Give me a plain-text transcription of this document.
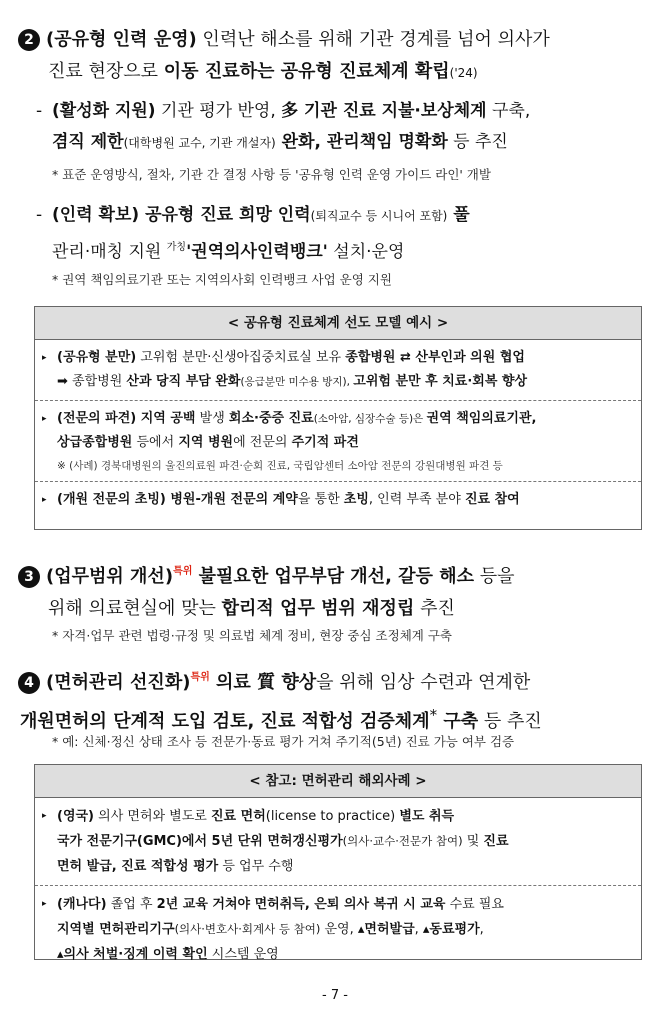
2 (공유형 인력 운영) 인력난 해소를 위해 기관 경계를 넘어 의사가
진료 현장으로 이동 진료하는 공유형 진료체계 확립('24)
- (활성화 지원) 기관 평가 반영, 多 기관 진료 지불·보상체계 구축,
겸직 제한(대학병원 교수, 기관 개설자) 완화, 관리책임 명확화 등 추진
* 표준 운영방식, 절차, 기관 간 결정 사항 등 '공유형 인력 운영 가이드 라인' 개발
- (인력 확보) 공유형 진료 희망 인력(퇴직교수 등 시니어 포함) 풀
관리·매칭 지원 $^{가칭}$'권역의사인력뱅크' 설치·운영
* 권역 책임의료기관 또는 지역의사회 인력뱅크 사업 운영 지원
< 공유형 진료체계 선도 모델 예시 >
▸ (공유형 분만) 고위험 분만·신생아집중치료실 보유 종합병원 ⇄ 산부인과 의원 협업
➡ 종합병원 산과 당직 부담 완화(응급분만 미수용 방지), 고위험 분만 후 치료·회복 향상
▸ (전문의 파견) 지역 공백 발생 회소·중증 진료(소아암, 심장수술 등)은 권역 책임의료기관,
상급종합병원 등에서 지역 병원에 전문의 주기적 파견
※ (사례) 경북대병원의 울진의료원 파견·순회 진료, 국립암센터 소아암 전문의 강원대병원 파견 등
▸ (개원 전문의 초빙) 병원-개원 전문의 계약을 통한 초빙, 인력 부족 분야 진료 참여
3 (업무범위 개선)$^{특위}$ 불필요한 업무부담 개선, 갈등 해소 등을
위해 의료현실에 맞는 합리적 업무 범위 재정립 추진
* 자격·업무 관련 법령·규정 및 의료법 체계 정비, 현장 중심 조정체계 구축
4 (면허관리 선진화)$^{특위}$ 의료 質 향상을 위해 임상 수련과 연계한
개원면허의 단계적 도입 검토, 진료 적합성 검증체계* 구축 등 추진
* 예: 신체·정신 상태 조사 등 전문가·동료 평가 거쳐 주기적(5년) 진료 가능 여부 검증
< 참고: 면허관리 해외사례 >
▸ (영국) 의사 면허와 별도로 진료 면허(license to practice) 별도 취득
국가 전문기구(GMC)에서 5년 단위 면허갱신평가(의사·교수·전문가 참여) 및 진료
면허 발급, 진료 적합성 평가 등 업무 수행
▸ (캐나다) 졸업 후 2년 교육 거쳐야 면허취득, 은퇴 의사 복귀 시 교육 수료 필요
지역별 면허관리기구(의사·변호사·회계사 등 참여) 운영, ▴면허발급, ▴동료평가,
▴의사 처벌·징계 이력 확인 시스템 운영
- 7 -
